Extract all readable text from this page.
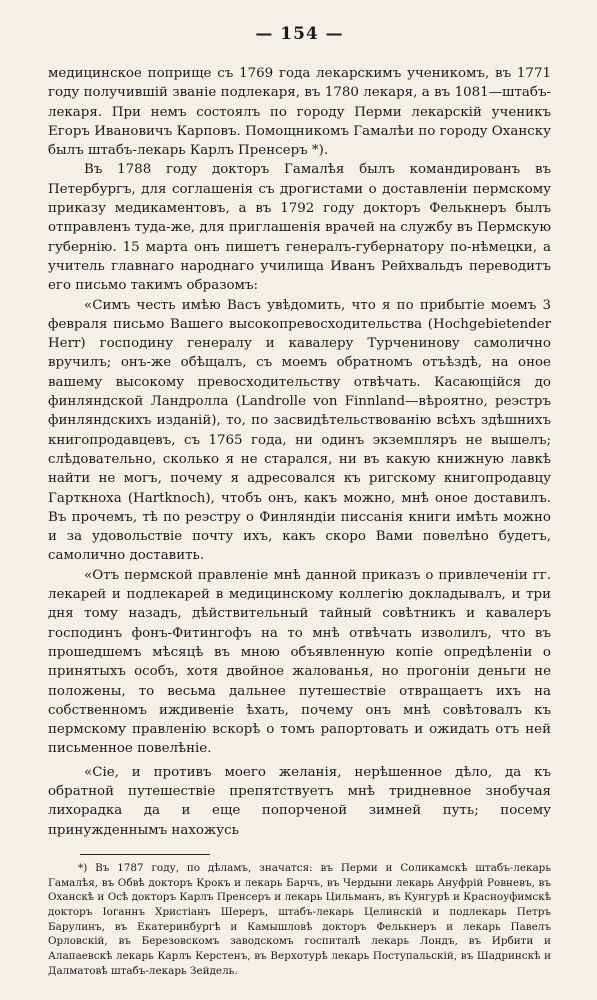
— 154 —

медицинское поприще съ 1769 года лекарскимъ ученикомъ, въ 1771 году получившiй званiе подлекаря, въ 1780 лекаря, а въ 1081—штабъ-лекаря. При немъ состоялъ по городу Перми лекарскiй ученикъ Егоръ Ивановичъ Карповъ. Помощникомъ Гамалѣи по городу Оханску былъ штабъ-лекарь Карлъ Пренсеръ *).

Въ 1788 году докторъ Гамалѣя былъ командированъ въ Петербургъ, для соглашенiя съ дрогистами о доставленiи пермскому приказу медикаментовъ, а въ 1792 году докторъ Фелькнеръ былъ отправленъ туда-же, для приглашенiя врачей на службу въ Пермскую губернiю. 15 марта онъ пишетъ генералъ-губернатору по-нѣмецки, а учитель главнаго народнаго училища Иванъ Рейхвальдъ переводитъ его письмо такимъ образомъ:

«Симъ честь имѣю Васъ увѣдомить, что я по прибытiе моемъ 3 февраля письмо Вашего высокопревосходительства (Hochgebietender Herr) господину генералу и кавалеру Турченинову самолично вручилъ; онъ-же обѣщалъ, съ моемъ обратномъ отъѣздѣ, на оное вашему высокому превосходительству отвѣчать. Касающiйся до финляндской Ландролла (Landrolle von Finnland—вѣроятно, реэстръ финляндскихъ изданiй), то, по засвидѣтельствованiю всѣхъ здѣшнихъ книгопродавцевъ, съ 1765 года, ни одинъ экземпляръ не вышелъ; слѣдовательно, сколько я не старался, ни въ какую книжную лавкѣ найти не могъ, почему я адресовался къ ригскому книгопродавцу Гарткноха (Hartknoch), чтобъ онъ, какъ можно, мнѣ оное доставилъ. Въ прочемъ, тѣ по реэстру о Финляндiи писсанiя книги имѣть можно и за удовольствiе почту ихъ, какъ скоро Вами повелѣно будетъ, самолично доставить.

«Отъ пермской правленiе мнѣ данной приказъ о привлеченiи гг. лекарей и подлекарей в медицинскому коллегiю докладывалъ, и три дня тому назадъ, дѣйствительный тайный совѣтникъ и кавалеръ господинъ фонъ-Фитингофъ на то мнѣ отвѣчать изволилъ, что въ прошедшемъ мѣсяцѣ въ мною объявленную копiе опредѣленiи о принятыхъ особъ, хотя двойное жалованья, но прогонiи деньги не положены, то весьма дальнее путешествiе отвращаетъ ихъ на собственномъ иждивенiе ѣхать, почему онъ мнѣ совѣтовалъ къ пермскому правленiю вскорѣ о томъ рапортовать и ожидать отъ ней письменное повелѣнiе.

«Сiе, и противъ моего желанiя, нерѣшенное дѣло, да къ обратной путешествiе препятствуетъ мнѣ тридневное знобучая лихорадка да и еще попорченой зимней путь; посему принужденнымъ нахожусь

*) Въ 1787 году, по дѣламъ, значатся: въ Перми и Соликамскѣ штабъ-лекарь Гамалѣя, въ Обвѣ докторъ Крокъ и лекарь Барчъ, въ Чердыни лекарь Ануфрiй Ровневъ, въ Оханскѣ и Осѣ докторъ Карлъ Пренсеръ и лекарь Цильманъ, въ Кунгурѣ и Красноуфимскѣ докторъ Iоганнъ Христiанъ Шереръ, штабъ-лекарь Целинскiй и подлекарь Петръ Барулинъ, въ Екатеринбургѣ и Камышловѣ докторъ Фелькнеръ и лекарь Павелъ Орловскiй, въ Березовскомъ заводскомъ госпиталѣ лекарь Лондъ, въ Ирбити и Алапаевскѣ лекарь Карлъ Керстенъ, въ Верхотурѣ лекарь Поступальскiй, въ Шадринскѣ и Далматовѣ штабъ-лекарь Зейдель.
